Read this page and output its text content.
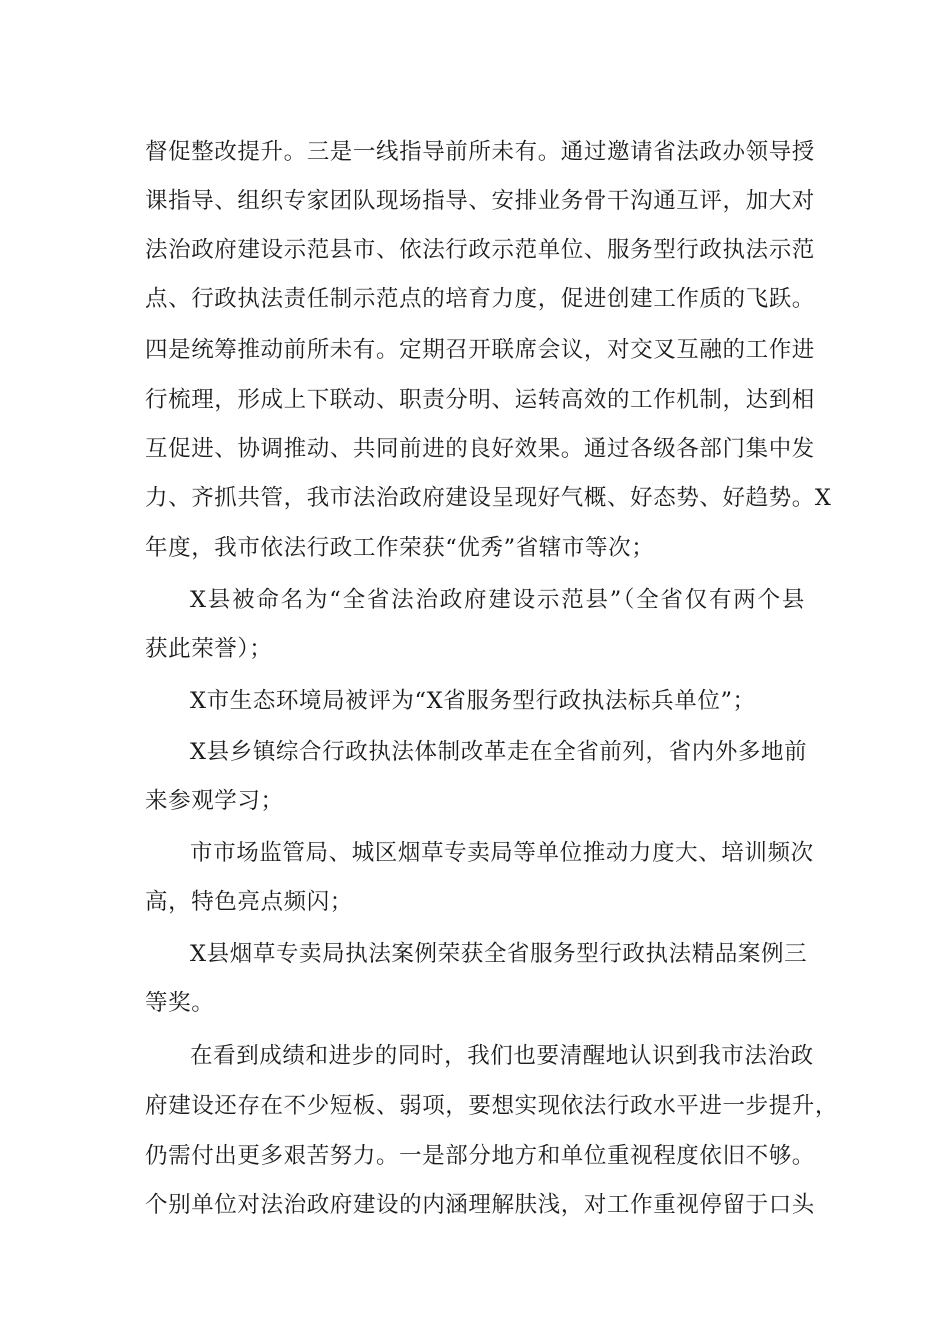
督促整改提升。三是一线指导前所未有。通过邀请省法政办领导授
课指导、组织专家团队现场指导、安排业务骨干沟通互评，加大对
法治政府建设示范县市、依法行政示范单位、服务型行政执法示范
点、行政执法责任制示范点的培育力度，促进创建工作质的飞跃。
四是统筹推动前所未有。定期召开联席会议，对交叉互融的工作进
行梳理，形成上下联动、职责分明、运转高效的工作机制，达到相
互促进、协调推动、共同前进的良好效果。通过各级各部门集中发
力、齐抓共管，我市法治政府建设呈现好气概、好态势、好趋势。X
年度，我市依法行政工作荣获“优秀”省辖市等次；
X县被命名为“全省法治政府建设示范县”（全省仅有两个县
获此荣誉）；
X市生态环境局被评为“X省服务型行政执法标兵单位”；
X县乡镇综合行政执法体制改革走在全省前列，省内外多地前
来参观学习；
市市场监管局、城区烟草专卖局等单位推动力度大、培训频次
高，特色亮点频闪；
X县烟草专卖局执法案例荣获全省服务型行政执法精品案例三
等奖。
在看到成绩和进步的同时，我们也要清醒地认识到我市法治政
府建设还存在不少短板、弱项，要想实现依法行政水平进一步提升，
仍需付出更多艰苦努力。一是部分地方和单位重视程度依旧不够。
个别单位对法治政府建设的内涵理解肤浅，对工作重视停留于口头
